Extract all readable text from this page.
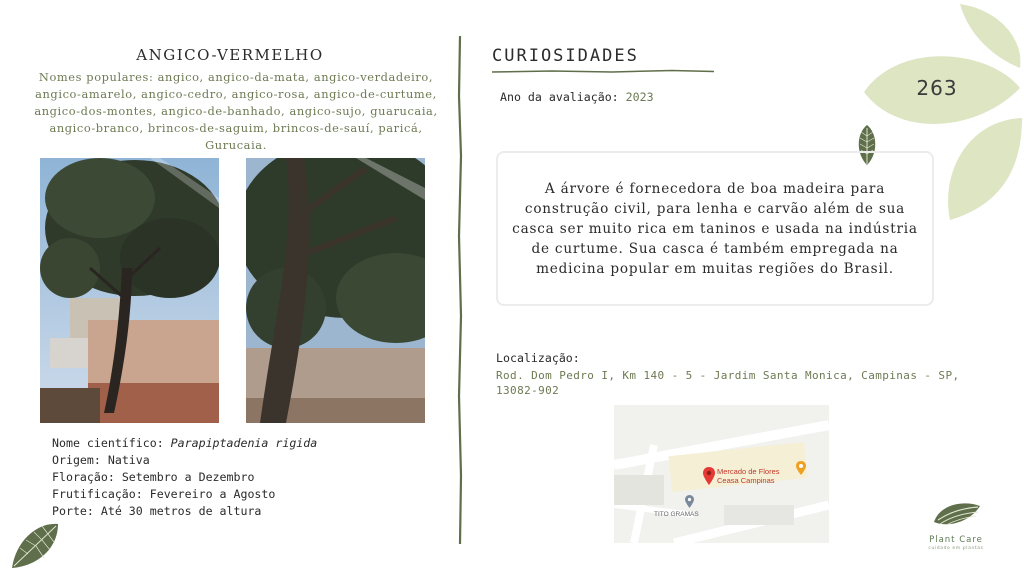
263
ANGICO-VERMELHO
Nomes populares: angico, angico-da-mata, angico-verdadeiro, angico-amarelo, angico-cedro, angico-rosa, angico-de-curtume, angico-dos-montes, angico-de-banhado, angico-sujo, guarucaia, angico-branco, brincos-de-saguim, brincos-de-sauí, paricá, Gurucaia.
Nome científico: Parapiptadenia rigida
Origem: Nativa
Floração: Setembro a Dezembro
Frutificação: Fevereiro a Agosto
Porte: Até 30 metros de altura
CURIOSIDADES
Ano da avaliação: 2023

A árvore é fornecedora de boa madeira para construção civil, para lenha e carvão além de sua casca ser muito rica em taninos e usada na indústria de curtume. Sua casca é também empregada na medicina popular em muitas regiões do Brasil.

Localização:
Rod. Dom Pedro I, Km 140 - 5 - Jardim Santa Monica, Campinas - SP, 13082-902
Mercado de Flores
Ceasa Campinas
TITO GRAMAS
Plant Care
cuidado em plantas
